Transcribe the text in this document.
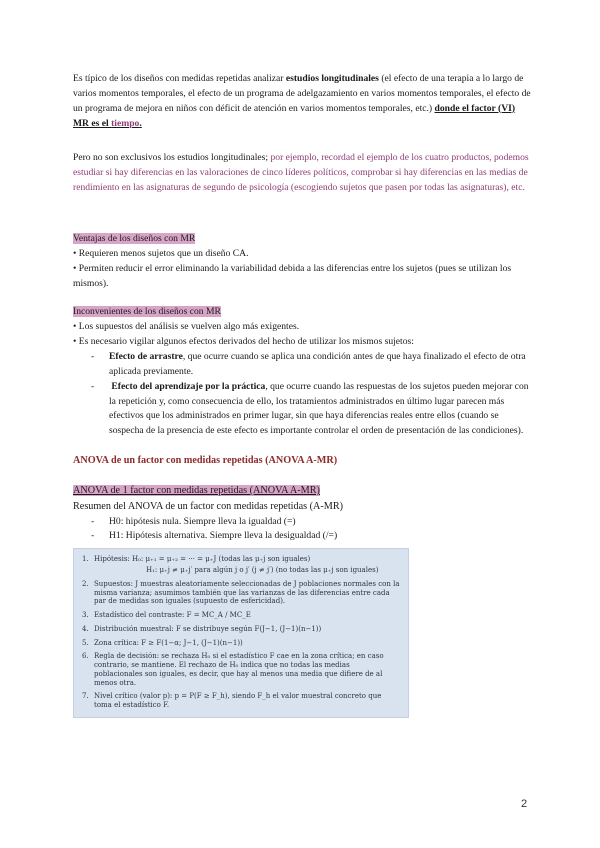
Es típico de los diseños con medidas repetidas analizar estudios longitudinales (el efecto de una terapia a lo largo de varios momentos temporales, el efecto de un programa de adelgazamiento en varios momentos temporales, el efecto de un programa de mejora en niños con déficit de atención en varios momentos temporales, etc.) donde el factor (VI) MR es el tiempo.

Pero no son exclusivos los estudios longitudinales; por ejemplo, recordad el ejemplo de los cuatro productos, podemos estudiar si hay diferencias en las valoraciones de cinco líderes políticos, comprobar si hay diferencias en las medias de rendimiento en las asignaturas de segundo de psicología (escogiendo sujetos que pasen por todas las asignaturas), etc.

Ventajas de los diseños con MR

• Requieren menos sujetos que un diseño CA.

• Permiten reducir el error eliminando la variabilidad debida a las diferencias entre los sujetos (pues se utilizan los mismos).

Inconvenientes de los diseños con MR

• Los supuestos del análisis se vuelven algo más exigentes.

• Es necesario vigilar algunos efectos derivados del hecho de utilizar los mismos sujetos:

-	Efecto de arrastre, que ocurre cuando se aplica una condición antes de que haya finalizado el efecto de otra aplicada previamente.
-	Efecto del aprendizaje por la práctica, que ocurre cuando las respuestas de los sujetos pueden mejorar con la repetición y, como consecuencia de ello, los tratamientos administrados en último lugar parecen más efectivos que los administrados en primer lugar, sin que haya diferencias reales entre ellos (cuando se sospecha de la presencia de este efecto es importante controlar el orden de presentación de las condiciones).

ANOVA de un factor con medidas repetidas (ANOVA A-MR)

ANOVA de 1 factor con medidas repetidas (ANOVA A-MR)

Resumen del ANOVA de un factor con medidas repetidas (A-MR)

-	H0: hipótesis nula. Siempre lleva la igualdad (=)
-	H1: Hipótesis alternativa. Siempre lleva la desigualdad (/=)
1. Hipótesis: H₀: μ₊₁ = μ₊₂ = ··· = μ₊J (todas las μ₊j son iguales)
H₁: μ₊j ≠ μ₊j′ para algún j o j′ (j ≠ j′) (no todas las μ₊j son iguales)
2. Supuestos: J muestras aleatoriamente seleccionadas de J poblaciones normales con la misma varianza; asumimos también que las varianzas de las diferencias entre cada par de medidas son iguales (supuesto de esfericidad).
3. Estadístico del contraste: F = MC_A / MC_E
4. Distribución muestral: F se distribuye según F(J−1, (J−1)(n−1))
5. Zona crítica: F ≥ F(1−α; J−1, (J−1)(n−1))
6. Regla de decisión: se rechaza H₀ si el estadístico F cae en la zona crítica; en caso contrario, se mantiene. El rechazo de H₀ indica que no todas las medias poblacionales son iguales, es decir, que hay al menos una media que difiere de al menos otra.
7. Nivel crítico (valor p): p = P(F ≥ F_h), siendo F_h el valor muestral concreto que toma el estadístico F.
2
